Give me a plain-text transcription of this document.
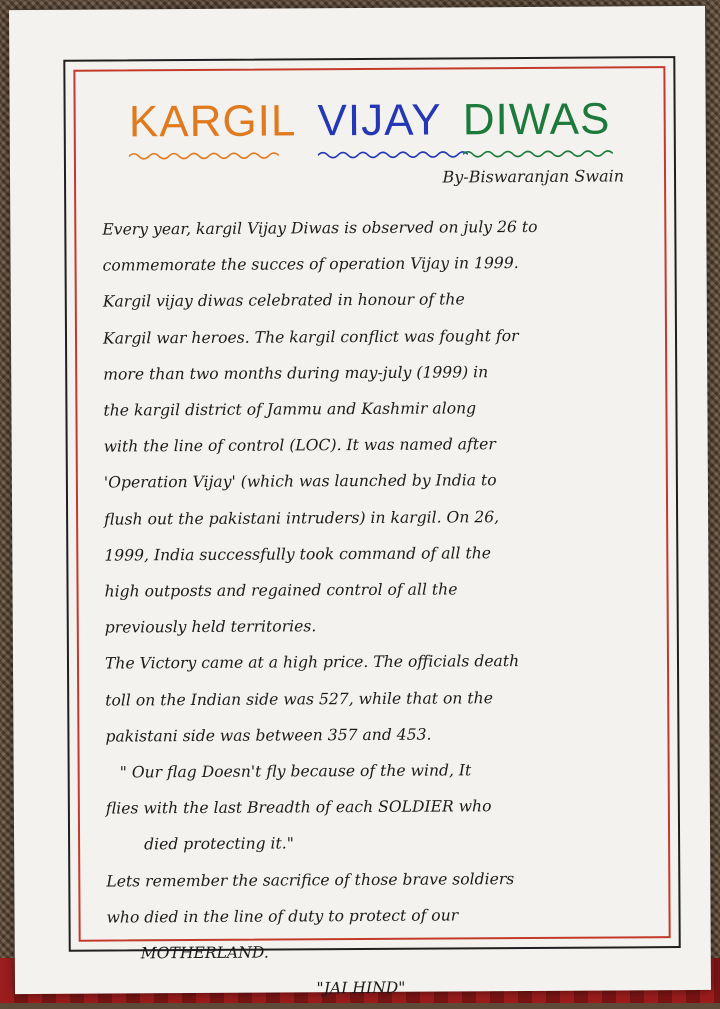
KARGIL VIJAY DIWAS
By-Biswaranjan Swain
Every year, kargil Vijay Diwas is observed on july 26 to
commemorate the succes of operation Vijay in 1999.
Kargil vijay diwas celebrated in honour of the
Kargil war heroes. The kargil conflict was fought for
more than two months during may-july (1999) in
the kargil district of Jammu and Kashmir along
with the line of control (LOC). It was named after
'Operation Vijay' (which was launched by India to
flush out the pakistani intruders) in kargil. On 26,
1999, India successfully took command of all the
high outposts and regained control of all the
previously held territories.
The Victory came at a high price. The officials death
toll on the Indian side was 527, while that on the
pakistani side was between 357 and 453.
" Our flag Doesn't fly because of the wind, It
flies with the last Breadth of each SOLDIER who
died protecting it."
Lets remember the sacrifice of those brave soldiers
who died in the line of duty to protect of our
MOTHERLAND.
"JAI HIND"
